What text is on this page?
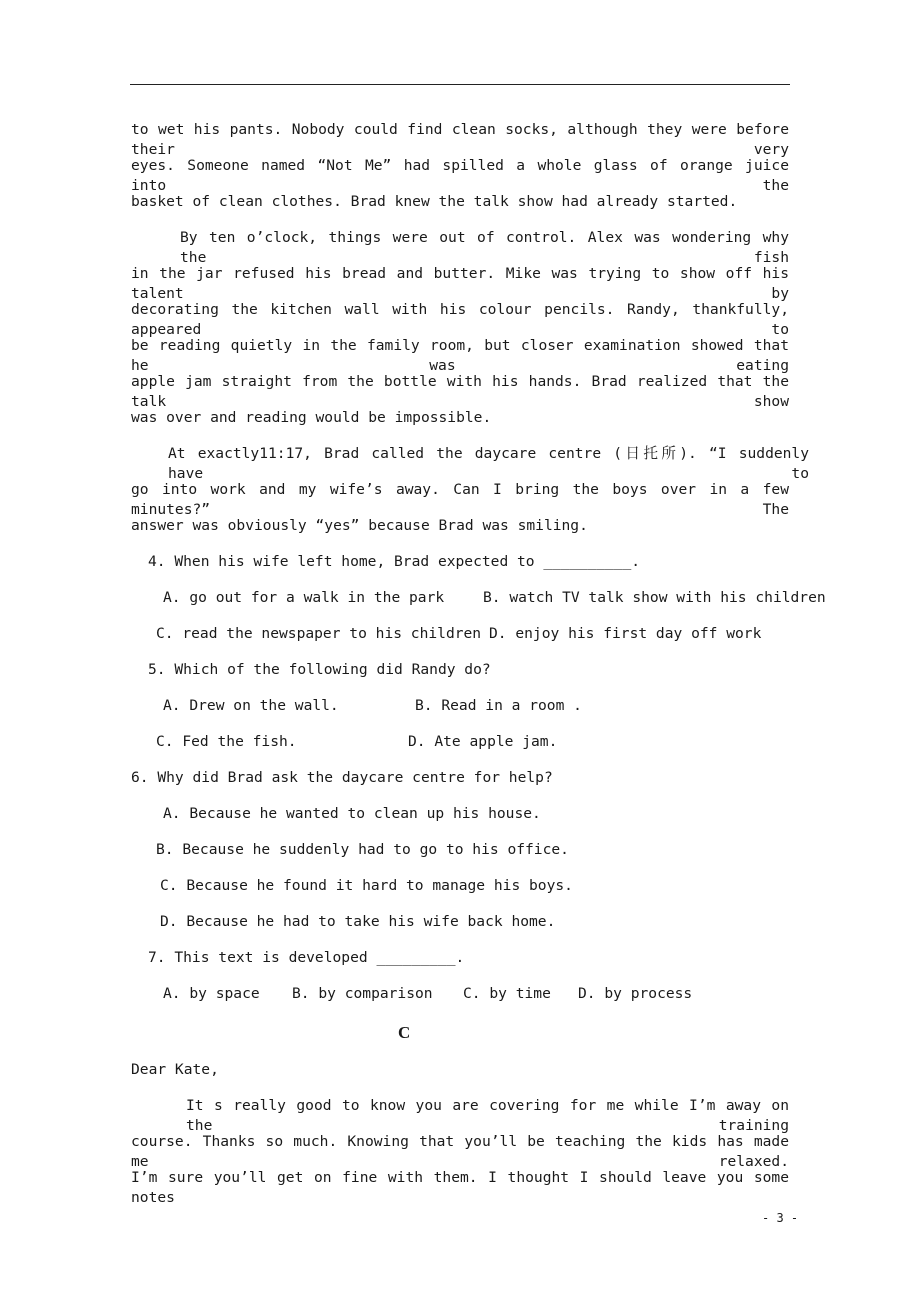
to wet his pants. Nobody could find clean socks, although they were before their very
eyes. Someone named “Not Me” had spilled a whole glass of orange juice into the
basket of clean clothes. Brad knew the talk show had already started.
By ten o’clock, things were out of control. Alex was wondering why the fish
in the jar refused his bread and butter. Mike was trying to show off his talent by
decorating the kitchen wall with his colour pencils. Randy, thankfully, appeared to
be reading quietly in the family room, but closer examination showed that he was eating
apple jam straight from the bottle with his hands. Brad realized that the talk show
was over and reading would be impossible.
At exactly11:17, Brad called the daycare centre (日托所). “I suddenly have to
go into work and my wife’s away. Can I bring the boys over in a few minutes?” The
answer was obviously “yes” because Brad was smiling.
4. When his wife left home, Brad expected to __________.
A. go out for a walk in the park	B. watch TV talk show with his children
C. read the newspaper to his children D. enjoy his first day off work
5. Which of the following did Randy do?
A. Drew on the wall.	B. Read in a room .
C. Fed the fish.	D. Ate apple jam.
6. Why did Brad ask the daycare centre for help?
A. Because he wanted to clean up his house.
B. Because he suddenly had to go to his office.
C. Because he found it hard to manage his boys.
D. Because he had to take his wife back home.
7. This text is developed _________.
A. by space B. by comparison C. by time D. by process
C
Dear Kate,
It s really good to know you are covering for me while I’m away on the training
course. Thanks so much. Knowing that you’ll be teaching the kids has made me relaxed.
I’m sure you’ll get on fine with them. I thought I should leave you some notes
- 3 -
